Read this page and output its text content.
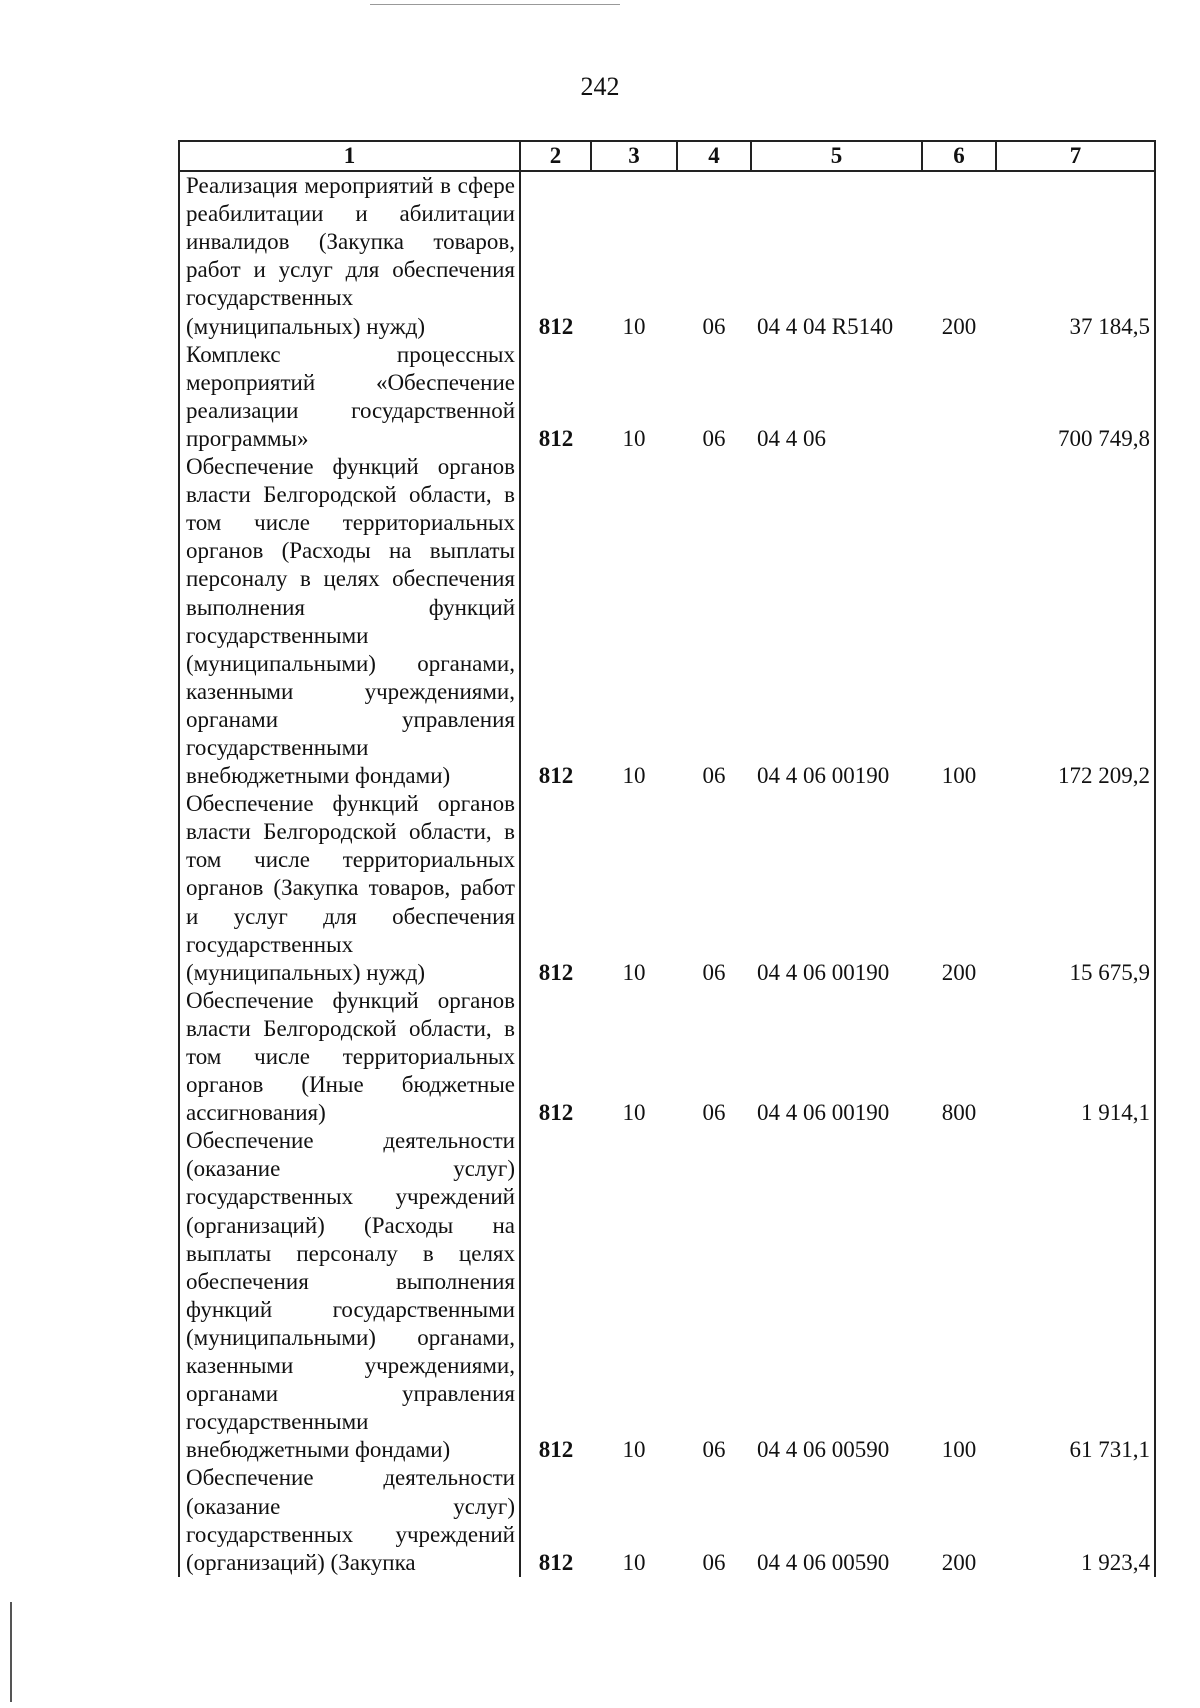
242
1	2	3	4	5	6	7
Реализация мероприятий в сфере реабилитации и абилитации инвалидов (Закупка товаров, работ и услуг для обеспечения государственных
(муниципальных) нужд)	812	10	06	04 4 04 R5140	200	37 184,5
Комплекс процессных мероприятий «Обеспечение реализации государственной
программы»	812	10	06	04 4 06		700 749,8
Обеспечение функций органов власти Белгородской области, в том числе территориальных органов (Расходы на выплаты персоналу в целях обеспечения выполнения функций государственными (муниципальными) органами, казенными учреждениями, органами управления государственными
внебюджетными фондами)	812	10	06	04 4 06 00190	100	172 209,2
Обеспечение функций органов власти Белгородской области, в том числе территориальных органов (Закупка товаров, работ и услуг для обеспечения государственных
(муниципальных) нужд)	812	10	06	04 4 06 00190	200	15 675,9
Обеспечение функций органов власти Белгородской области, в том числе территориальных органов (Иные бюджетные
ассигнования)	812	10	06	04 4 06 00190	800	1 914,1
Обеспечение деятельности (оказание услуг) государственных учреждений (организаций) (Расходы на выплаты персоналу в целях обеспечения выполнения функций государственными (муниципальными) органами, казенными учреждениями, органами управления государственными
внебюджетными фондами)	812	10	06	04 4 06 00590	100	61 731,1
Обеспечение деятельности (оказание услуг) государственных учреждений
(организаций) (Закупка	812	10	06	04 4 06 00590	200	1 923,4
